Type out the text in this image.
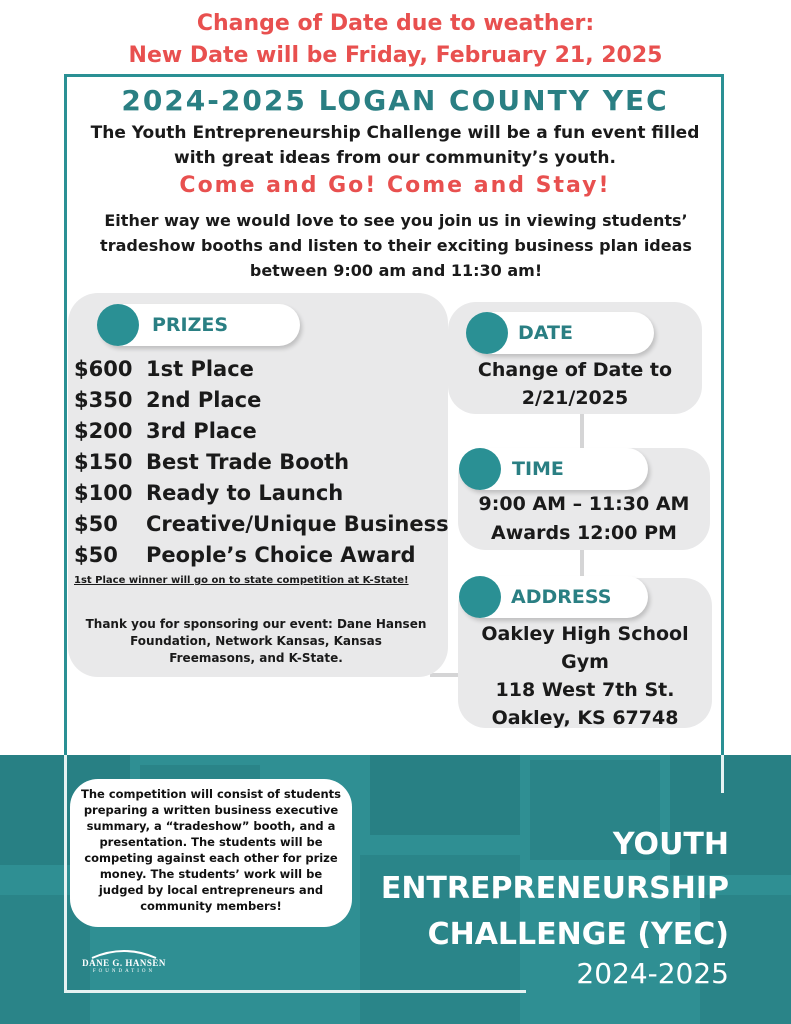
Change of Date due to weather:
New Date will be Friday, February 21, 2025
2024-2025 LOGAN COUNTY YEC
The Youth Entrepreneurship Challenge will be a fun event filled
with great ideas from our community’s youth.
Come and Go! Come and Stay!
Either way we would love to see you join us in viewing students’
tradeshow booths and listen to their exciting business plan ideas
between 9:00 am and 11:30 am!
PRIZES
$600 1st Place
$350 2nd Place
$200 3rd Place
$150 Best Trade Booth
$100 Ready to Launch
$50 Creative/Unique Business
$50 People’s Choice Award
1st Place winner will go on to state competition at K-State!
Thank you for sponsoring our event: Dane Hansen
Foundation, Network Kansas, Kansas
Freemasons, and K-State.
DATE
Change of Date to
2/21/2025
TIME
9:00 AM – 11:30 AM
Awards 12:00 PM
ADDRESS
Oakley High School Gym
118 West 7th St.
Oakley, KS 67748
The competition will consist of students
preparing a written business executive
summary, a “tradeshow” booth, and a
presentation. The students will be
competing against each other for prize
money. The students’ work will be
judged by local entrepreneurs and
community members!
DANE G. HANSEN
FOUNDATION
YOUTH
ENTREPRENEURSHIP
CHALLENGE (YEC)
2024-2025
